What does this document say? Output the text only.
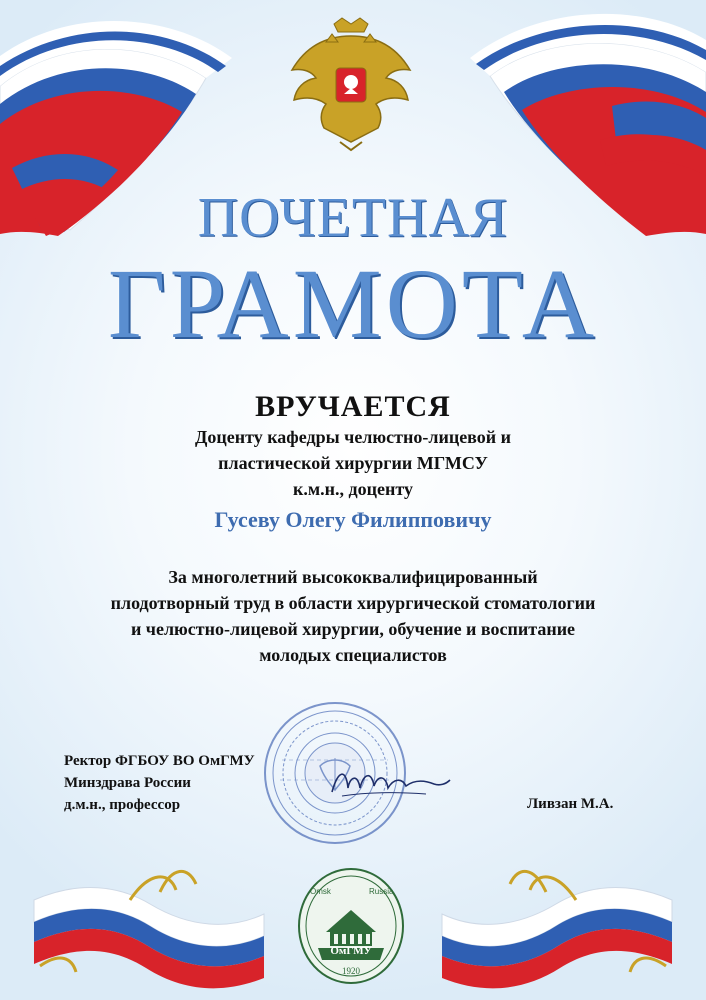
ПОЧЕТНАЯ
ГРАМОТА
ВРУЧАЕТСЯ
Доценту кафедры челюстно-лицевой и
пластической хирургии МГМСУ
к.м.н., доценту
Гусеву Олегу Филипповичу
За многолетний высококвалифицированный
плодотворный труд в области хирургической стоматологии
и челюстно-лицевой хирургии, обучение и воспитание
молодых специалистов
Ректор ФГБОУ ВО ОмГМУ
Минздрава России
д.м.н., профессор	Ливзан М.А.
Omsk	Russia
ОмГМУ
1920
